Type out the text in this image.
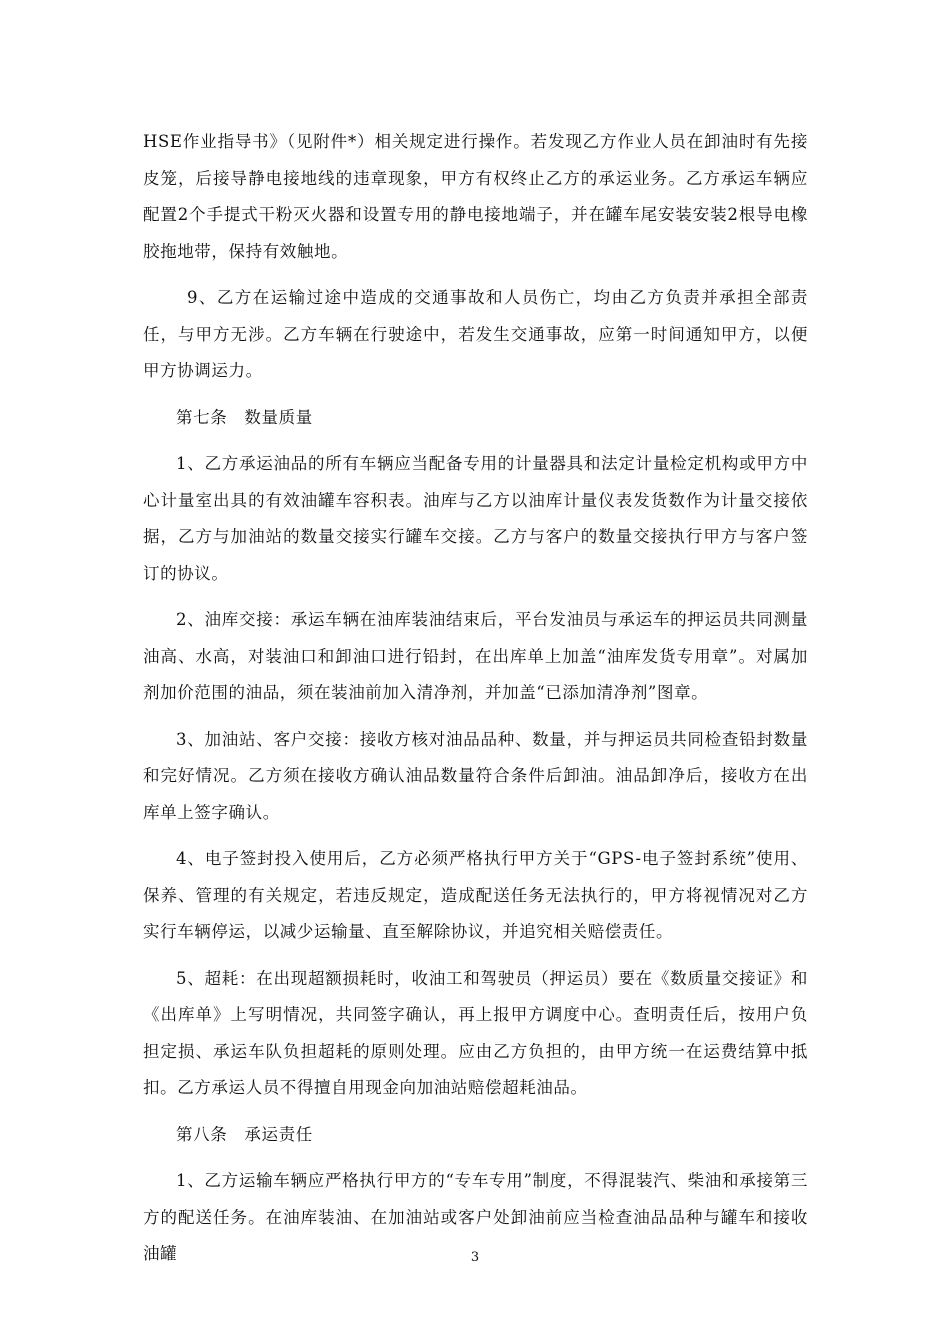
HSE作业指导书》（见附件*）相关规定进行操作。若发现乙方作业人员在卸油时有先接皮笼，后接导静电接地线的违章现象，甲方有权终止乙方的承运业务。乙方承运车辆应配置2个手提式干粉灭火器和设置专用的静电接地端子，并在罐车尾安装安装2根导电橡胶拖地带，保持有效触地。

9、乙方在运输过途中造成的交通事故和人员伤亡，均由乙方负责并承担全部责任，与甲方无涉。乙方车辆在行驶途中，若发生交通事故，应第一时间通知甲方，以便甲方协调运力。

第七条　数量质量

1、乙方承运油品的所有车辆应当配备专用的计量器具和法定计量检定机构或甲方中心计量室出具的有效油罐车容积表。油库与乙方以油库计量仪表发货数作为计量交接依据，乙方与加油站的数量交接实行罐车交接。乙方与客户的数量交接执行甲方与客户签订的协议。

2、油库交接：承运车辆在油库装油结束后，平台发油员与承运车的押运员共同测量油高、水高，对装油口和卸油口进行铅封，在出库单上加盖“油库发货专用章”。对属加剂加价范围的油品，须在装油前加入清净剂，并加盖“已添加清净剂”图章。

3、加油站、客户交接：接收方核对油品品种、数量，并与押运员共同检查铅封数量和完好情况。乙方须在接收方确认油品数量符合条件后卸油。油品卸净后，接收方在出库单上签字确认。

4、电子签封投入使用后，乙方必须严格执行甲方关于“GPS-电子签封系统”使用、保养、管理的有关规定，若违反规定，造成配送任务无法执行的，甲方将视情况对乙方实行车辆停运，以减少运输量、直至解除协议，并追究相关赔偿责任。

5、超耗：在出现超额损耗时，收油工和驾驶员（押运员）要在《数质量交接证》和《出库单》上写明情况，共同签字确认，再上报甲方调度中心。查明责任后，按用户负担定损、承运车队负担超耗的原则处理。应由乙方负担的，由甲方统一在运费结算中抵扣。乙方承运人员不得擅自用现金向加油站赔偿超耗油品。

第八条　承运责任

1、乙方运输车辆应严格执行甲方的“专车专用”制度，不得混装汽、柴油和承接第三方的配送任务。在油库装油、在加油站或客户处卸油前应当检查油品品种与罐车和接收油罐	3
